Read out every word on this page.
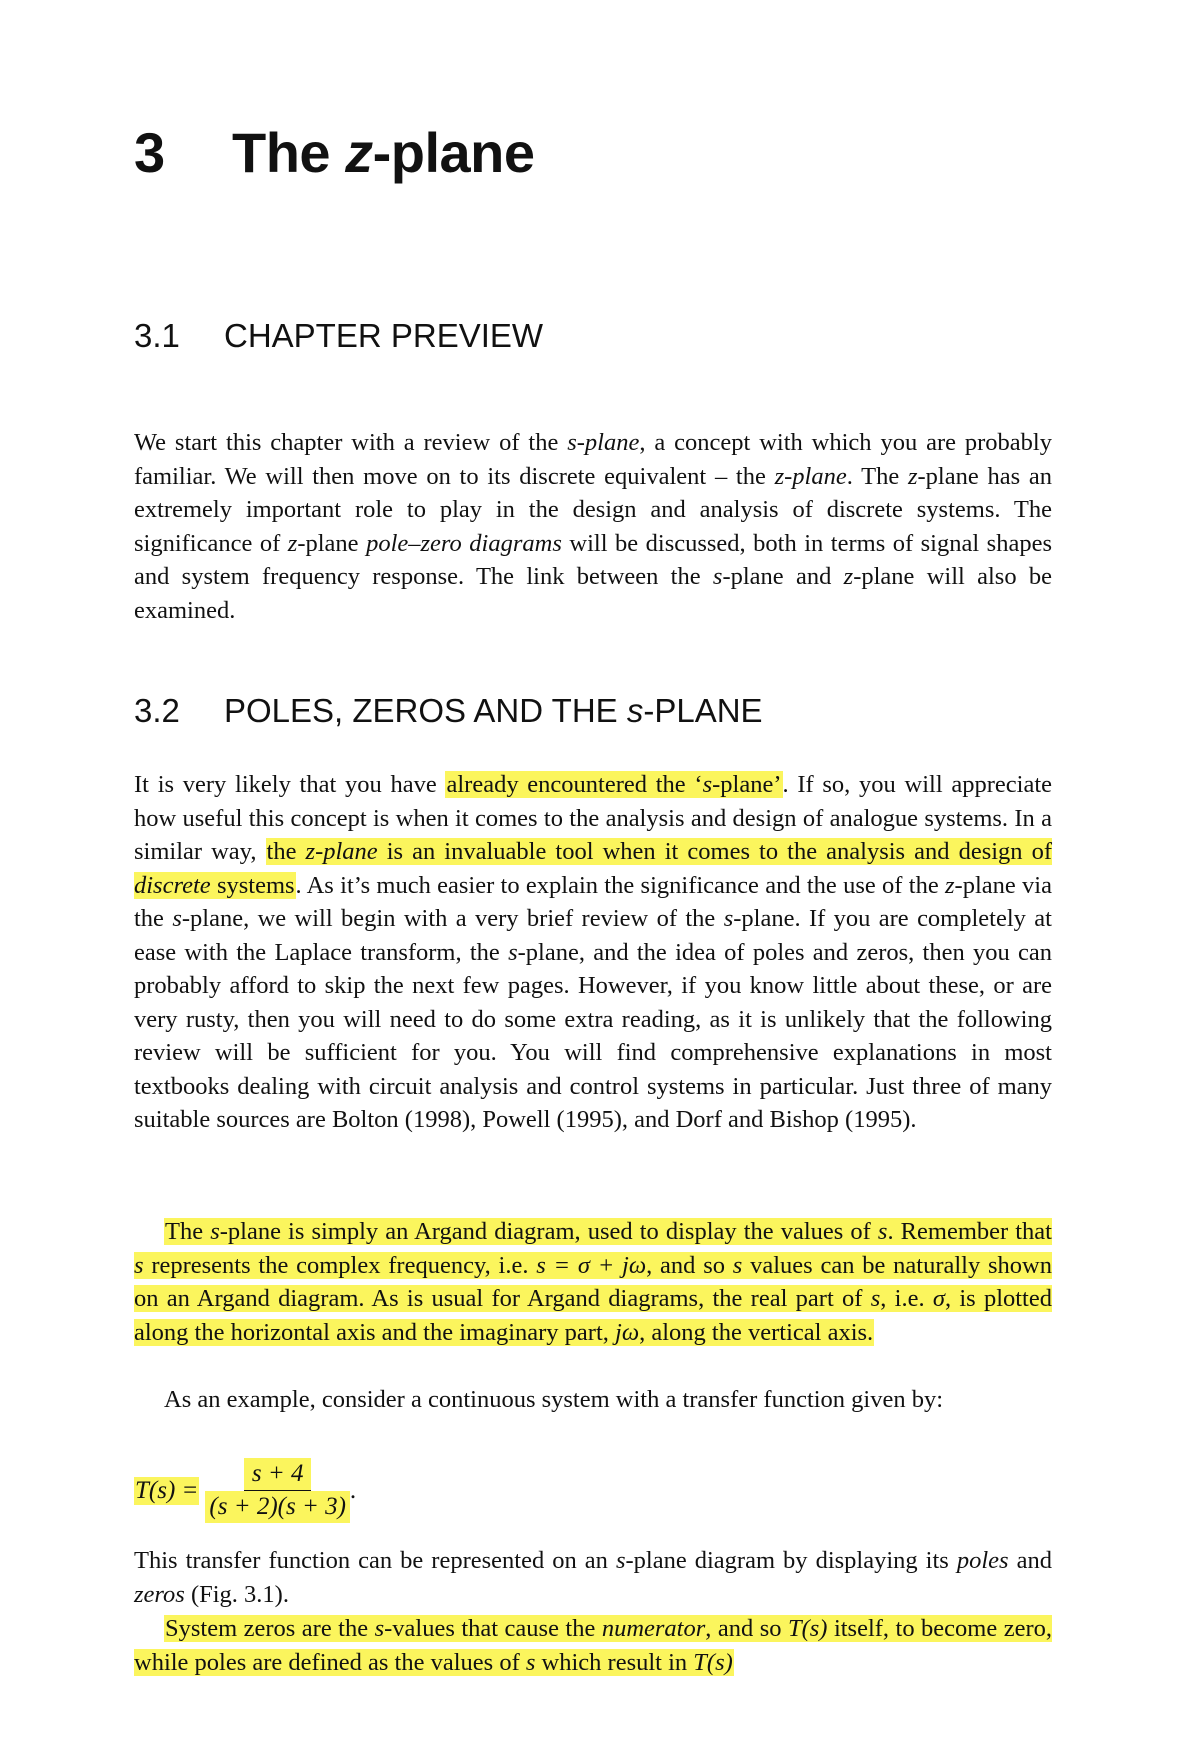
3 The z-plane
3.1 CHAPTER PREVIEW

We start this chapter with a review of the s-plane, a concept with which you are probably familiar. We will then move on to its discrete equivalent – the z-plane. The z-plane has an extremely important role to play in the design and analysis of discrete systems. The significance of z-plane pole–zero diagrams will be discussed, both in terms of signal shapes and system frequency response. The link between the s-plane and z-plane will also be examined.

3.2 POLES, ZEROS AND THE s-PLANE

It is very likely that you have already encountered the ‘s-plane’. If so, you will appreciate how useful this concept is when it comes to the analysis and design of analogue systems. In a similar way, the z-plane is an invaluable tool when it comes to the analysis and design of discrete systems. As it’s much easier to explain the significance and the use of the z-plane via the s-plane, we will begin with a very brief review of the s-plane. If you are completely at ease with the Laplace transform, the s-plane, and the idea of poles and zeros, then you can probably afford to skip the next few pages. However, if you know little about these, or are very rusty, then you will need to do some extra reading, as it is unlikely that the following review will be sufficient for you. You will find comprehensive explanations in most textbooks dealing with circuit analysis and control systems in particular. Just three of many suitable sources are Bolton (1998), Powell (1995), and Dorf and Bishop (1995).

The s-plane is simply an Argand diagram, used to display the values of s. Remember that s represents the complex frequency, i.e. s = σ + jω, and so s values can be naturally shown on an Argand diagram. As is usual for Argand diagrams, the real part of s, i.e. σ, is plotted along the horizontal axis and the imaginary part, jω, along the vertical axis.

As an example, consider a continuous system with a transfer function given by:

$T(s) = \frac{s + 4}{(s + 2)(s + 3)}$ .

This transfer function can be represented on an s-plane diagram by displaying its poles and zeros (Fig. 3.1).

System zeros are the s-values that cause the numerator, and so T(s) itself, to become zero, while poles are defined as the values of s which result in T(s)
